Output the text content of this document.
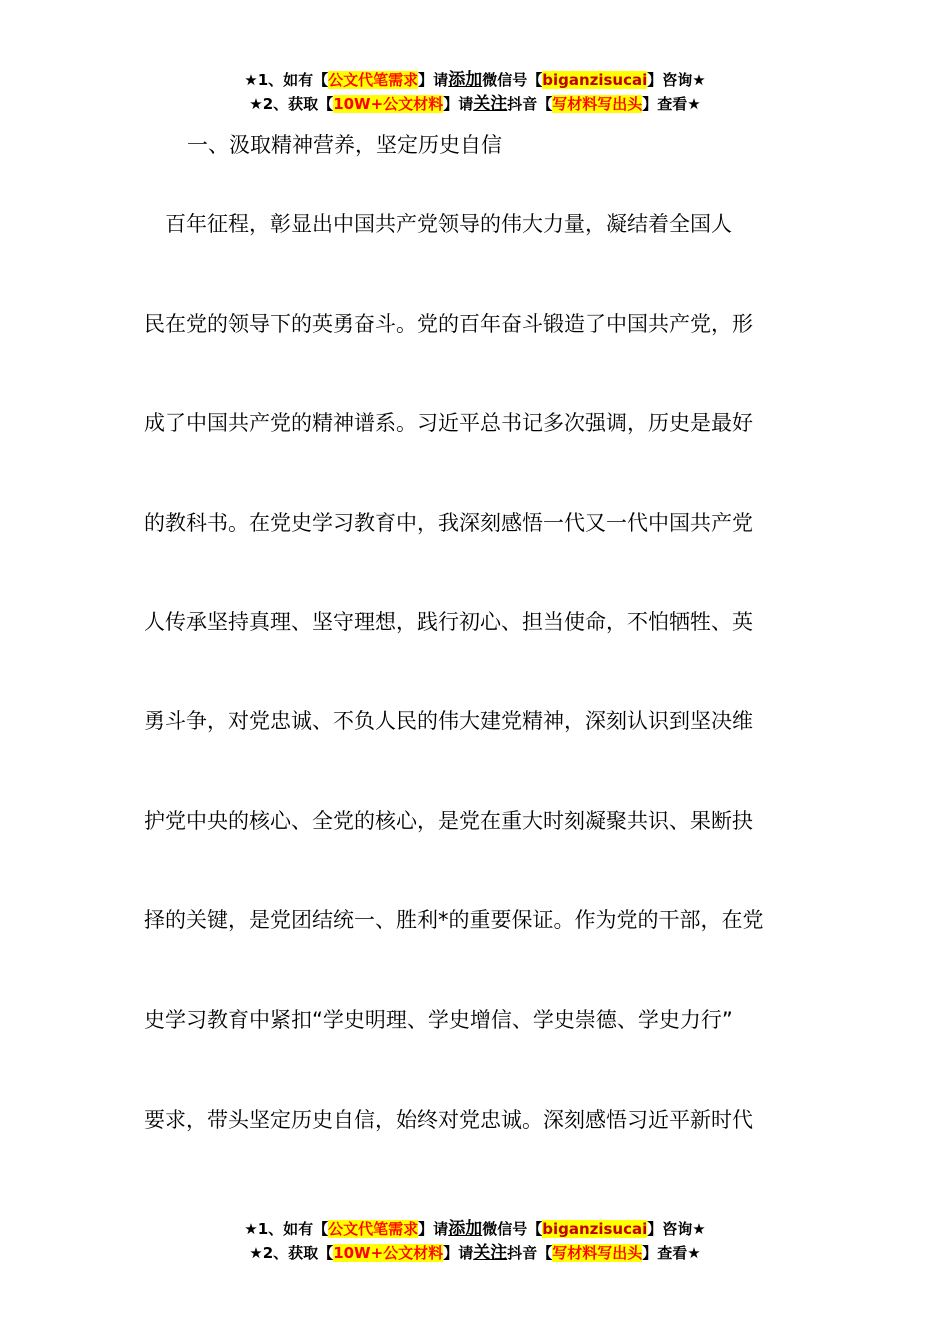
★1、如有【公文代笔需求】请添加微信号【biganzisucai】咨询★
★2、获取【10W+公文材料】请关注抖音【写材料写出头】查看★
一、汲取精神营养，坚定历史自信
　百年征程，彰显出中国共产党领导的伟大力量，凝结着全国人
民在党的领导下的英勇奋斗。党的百年奋斗锻造了中国共产党，形
成了中国共产党的精神谱系。习近平总书记多次强调，历史是最好
的教科书。在党史学习教育中，我深刻感悟一代又一代中国共产党
人传承坚持真理、坚守理想，践行初心、担当使命，不怕牺牲、英
勇斗争，对党忠诚、不负人民的伟大建党精神，深刻认识到坚决维
护党中央的核心、全党的核心，是党在重大时刻凝聚共识、果断抉
择的关键，是党团结统一、胜利*的重要保证。作为党的干部，在党
史学习教育中紧扣“学史明理、学史增信、学史崇德、学史力行”
要求，带头坚定历史自信，始终对党忠诚。深刻感悟习近平新时代
★1、如有【公文代笔需求】请添加微信号【biganzisucai】咨询★
★2、获取【10W+公文材料】请关注抖音【写材料写出头】查看★
